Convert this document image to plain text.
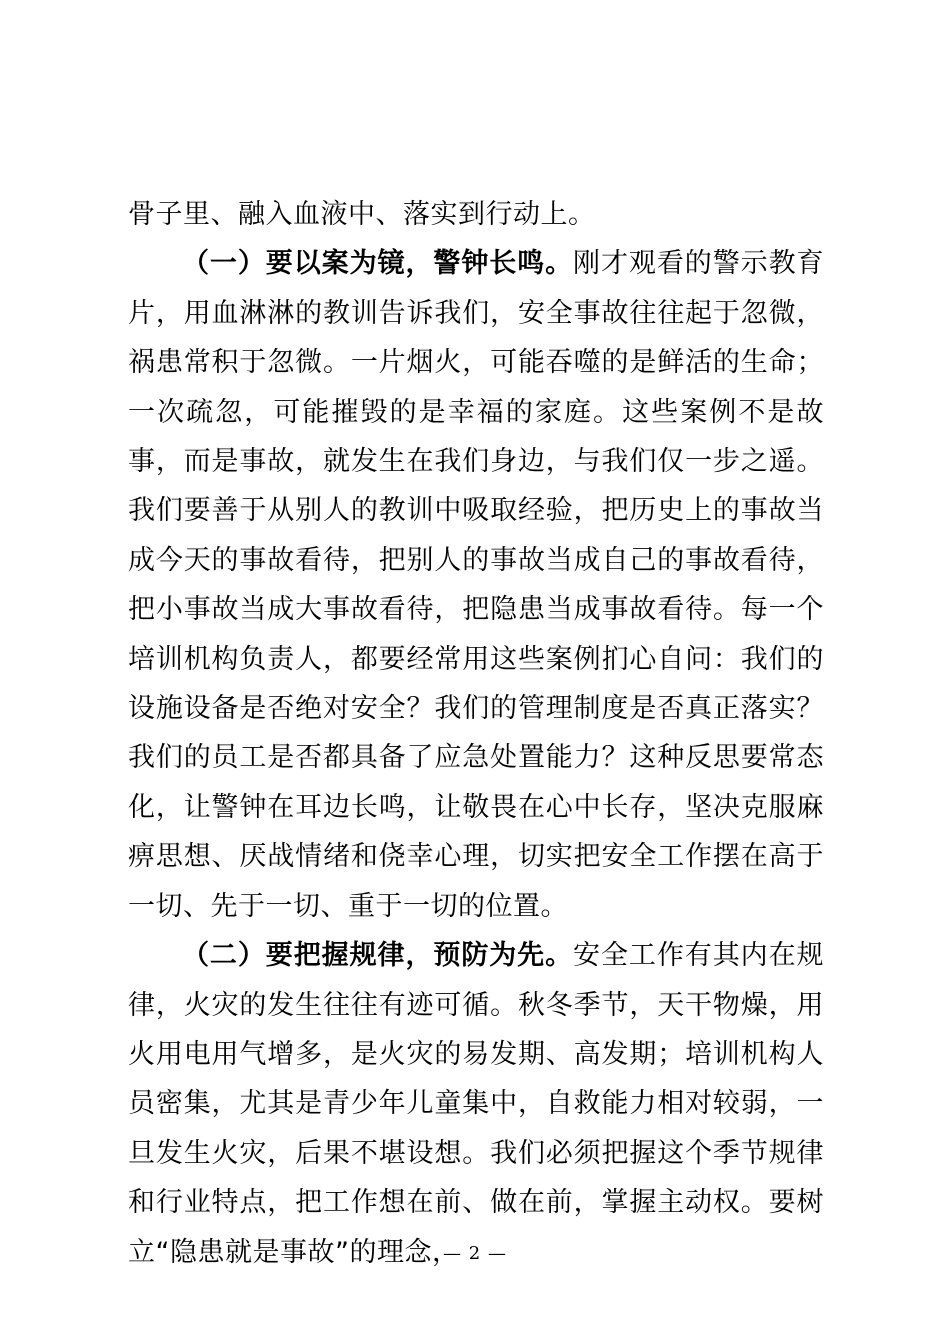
骨子里、融入血液中、落实到行动上。

（一）要以案为镜，警钟长鸣。刚才观看的警示教育片，用血淋淋的教训告诉我们，安全事故往往起于忽微，祸患常积于忽微。一片烟火，可能吞噬的是鲜活的生命；一次疏忽，可能摧毁的是幸福的家庭。这些案例不是故事，而是事故，就发生在我们身边，与我们仅一步之遥。我们要善于从别人的教训中吸取经验，把历史上的事故当成今天的事故看待，把别人的事故当成自己的事故看待，把小事故当成大事故看待，把隐患当成事故看待。每一个培训机构负责人，都要经常用这些案例扪心自问：我们的设施设备是否绝对安全？我们的管理制度是否真正落实？我们的员工是否都具备了应急处置能力？这种反思要常态化，让警钟在耳边长鸣，让敬畏在心中长存，坚决克服麻痹思想、厌战情绪和侥幸心理，切实把安全工作摆在高于一切、先于一切、重于一切的位置。

（二）要把握规律，预防为先。安全工作有其内在规律，火灾的发生往往有迹可循。秋冬季节，天干物燥，用火用电用气增多，是火灾的易发期、高发期；培训机构人员密集，尤其是青少年儿童集中，自救能力相对较弱，一旦发生火灾，后果不堪设想。我们必须把握这个季节规律和行业特点，把工作想在前、做在前，掌握主动权。要树立“隐患就是事故”的理念，

— 2 —
